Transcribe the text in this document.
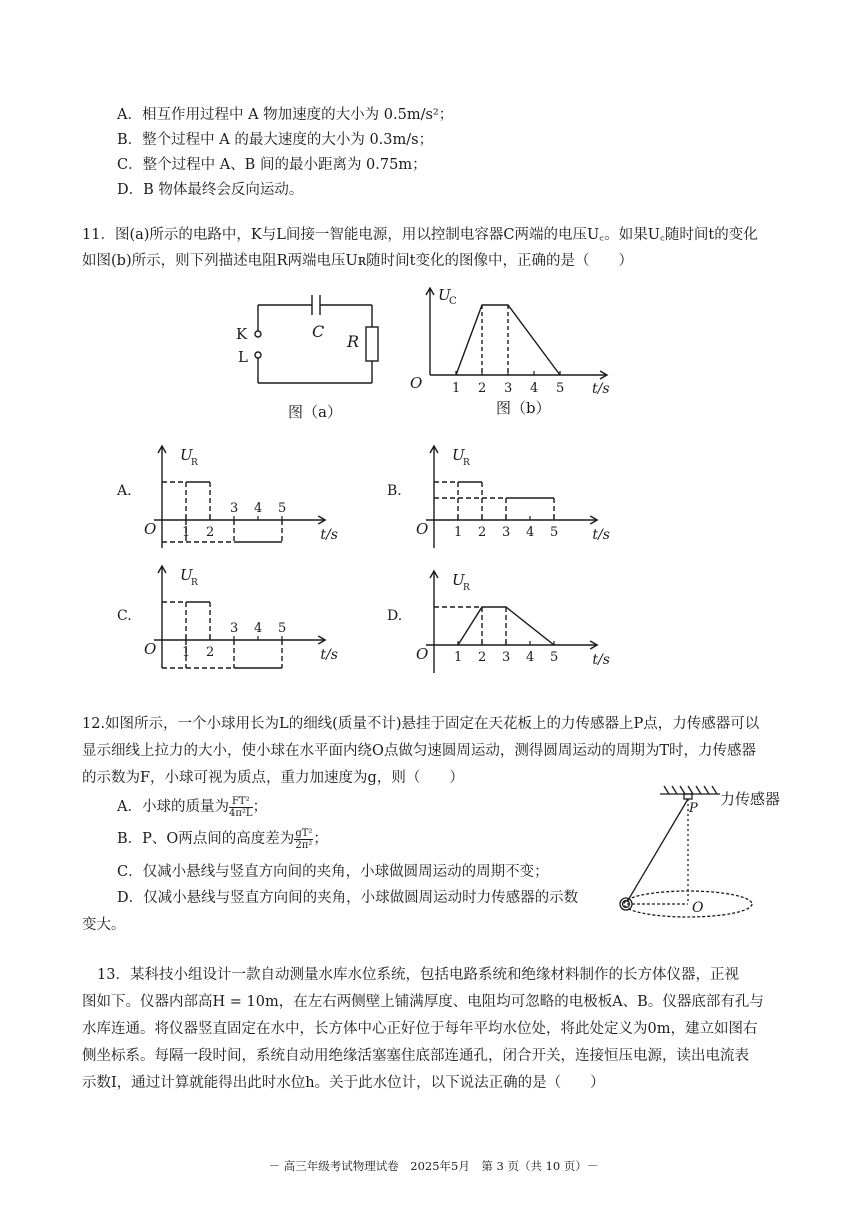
A．相互作用过程中 A 物加速度的大小为 0.5m/s²；
B．整个过程中 A 的最大速度的大小为 0.3m/s；
C．整个过程中 A、B 间的最小距离为 0.75m；
D．B 物体最终会反向运动。
11．图(a)所示的电路中，K与L间接一智能电源，用以控制电容器C两端的电压U꜀。如果U꜀随时间t的变化
如图(b)所示，则下列描述电阻R两端电压Uʀ随时间t变化的图像中，正确的是（　　）
K
L
C
R
图（a）
U
C
O 1 2 3 4 5 t/s
图（b）
A.
U
R
O	t/s
1 2
3 4 5
B.
U
R
O	t/s
1 2 3 4 5
C.
U
R
O	t/s
1 2
3 4 5
D.
U
R
O	t/s
1 2 3 4 5
12.如图所示，一个小球用长为L的细线(质量不计)悬挂于固定在天花板上的力传感器上P点，力传感器可以
显示细线上拉力的大小，使小球在水平面内绕O点做匀速圆周运动，测得圆周运动的周期为T时，力传感器
的示数为F，小球可视为质点，重力加速度为g，则（　　）
A．小球的质量为 $\frac{\text{FT²}}{\text{4π²L}}$ ；
B．P、O两点间的高度差为 $\frac{\text{gT²}}{\text{2π²}}$ ；
C．仅减小悬线与竖直方向间的夹角，小球做圆周运动的周期不变；
D．仅减小悬线与竖直方向间的夹角，小球做圆周运动时力传感器的示数
变大。
力传感器
P
O
13．某科技小组设计一款自动测量水库水位系统，包括电路系统和绝缘材料制作的长方体仪器，正视
图如下。仪器内部高H = 10m，在左右两侧壁上铺满厚度、电阻均可忽略的电极板A、B。仪器底部有孔与
水库连通。将仪器竖直固定在水中，长方体中心正好位于每年平均水位处，将此处定义为0m，建立如图右
侧坐标系。每隔一段时间，系统自动用绝缘活塞塞住底部连通孔，闭合开关，连接恒压电源，读出电流表
示数I，通过计算就能得出此时水位h。关于此水位计，以下说法正确的是（　　）
－ 高三年级考试物理试卷　2025年5月　第 3 页（共 10 页）－
